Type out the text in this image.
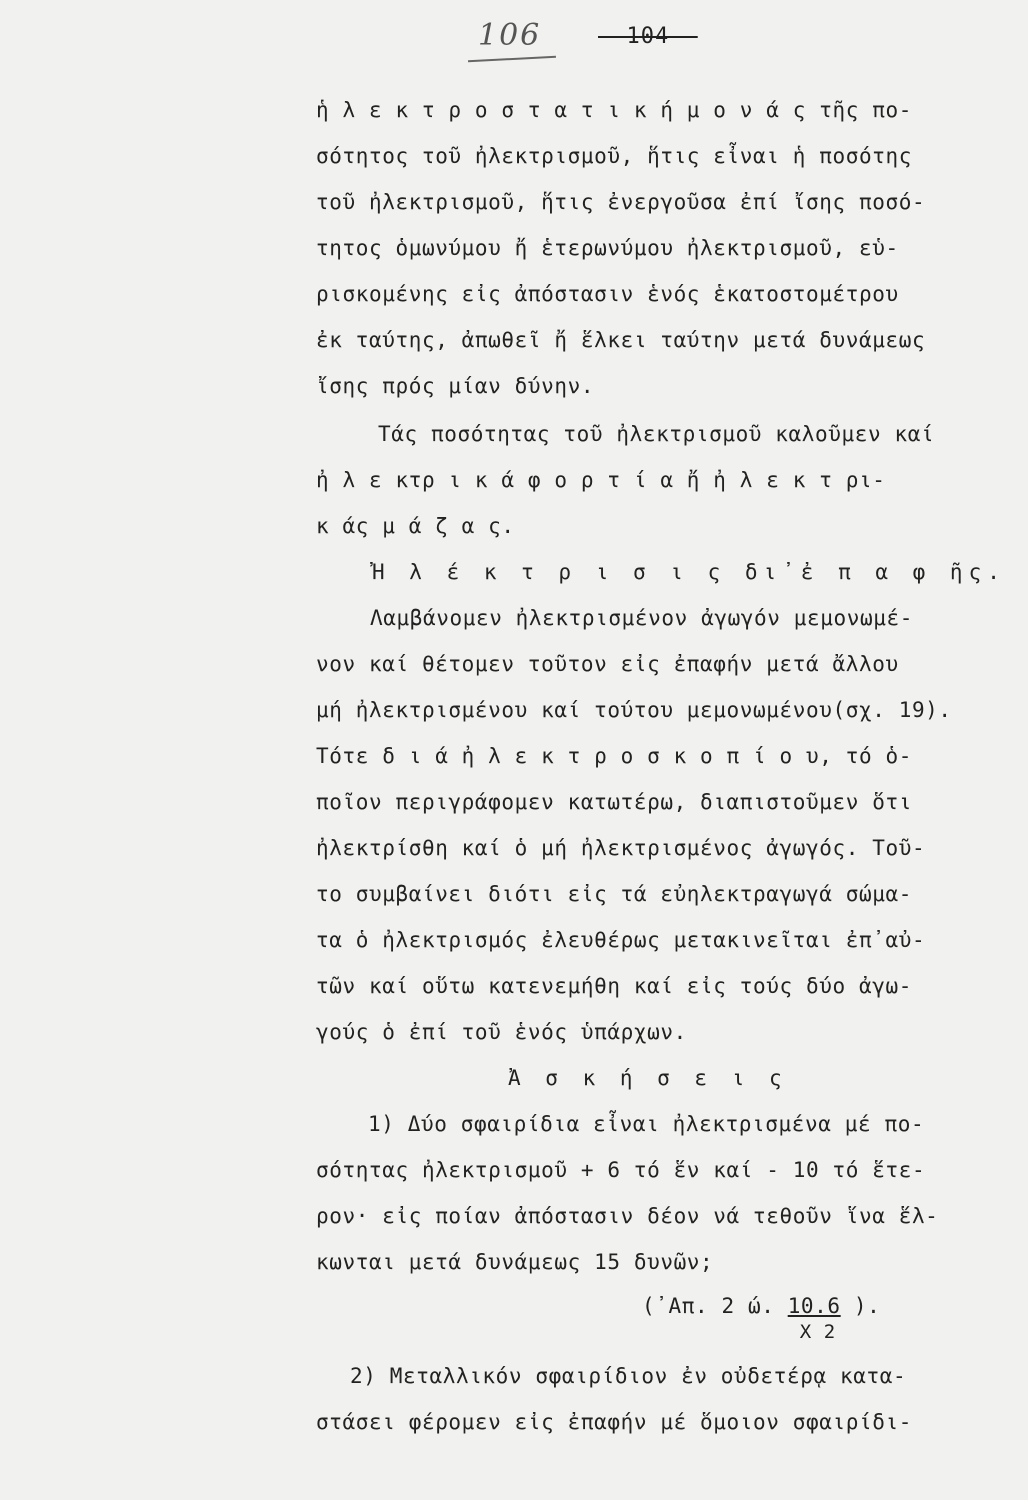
106	- 104 -
ἡ λ ε κ τ ρ ο σ τ α τ ι κ ή μ ο ν ά ς τῆς πο-
σότητος τοῦ ἠλεκτρισμοῦ, ἥτις εἶναι ἡ ποσότης
τοῦ ἠλεκτρισμοῦ, ἥτις ἐνεργοῦσα ἐπί ἴσης ποσό-
τητος ὁμωνύμου ἤ ἑτερωνύμου ἠλεκτρισμοῦ, εὑ-
ρισκομένης εἰς ἀπόστασιν ἑνός ἑκατοστομέτρου
ἐκ ταύτης, ἀπωθεῖ ἤ ἕλκει ταύτην μετά δυνάμεως
ἴσης πρός μίαν δύνην.
Τάς ποσότητας τοῦ ἠλεκτρισμοῦ καλοῦμεν καί
ἠ λ ε κτρ ι κ ά φ ο ρ τ ί α ἤ ἠ λ ε κ τ ρι-
κ άς μ ά ζ α ς.
Ἠ λ έ κ τ ρ ι σ ι ς δι᾿ἐ π α φ ῆς.
Λαμβάνομεν ἠλεκτρισμένον ἀγωγόν μεμονωμέ-
νον καί θέτομεν τοῦτον εἰς ἐπαφήν μετά ἄλλου
μή ἠλεκτρισμένου καί τούτου μεμονωμένου(σχ. 19).
Τότε δ ι ά ἠ λ ε κ τ ρ ο σ κ ο π ί ο υ, τό ὁ-
ποῖον περιγράφομεν κατωτέρω, διαπιστοῦμεν ὅτι
ἠλεκτρίσθη καί ὁ μή ἠλεκτρισμένος ἀγωγός. Τοῦ-
το συμβαίνει διότι εἰς τά εὐηλεκτραγωγά σώμα-
τα ὁ ἠλεκτρισμός ἐλευθέρως μετακινεῖται ἐπ᾿αὐ-
τῶν καί οὕτω κατενεμήθη καί εἰς τούς δύο ἀγω-
γούς ὁ ἐπί τοῦ ἑνός ὑπάρχων.
Ἀ σ κ ή σ ε ι ς
1) Δύο σφαιρίδια εἶναι ἠλεκτρισμένα μέ πο-
σότητας ἠλεκτρισμοῦ + 6 τό ἕν καί - 10 τό ἕτε-
ρον· εἰς ποίαν ἀπόστασιν δέον νά τεθοῦν ἵνα ἕλ-
κωνται μετά δυνάμεως 15 δυνῶν;
(᾿Απ. 2 ώ. $\frac{10.6}{X 2}$ ).
2) Μεταλλικόν σφαιρίδιον ἐν οὐδετέρᾳ κατα-
στάσει φέρομεν εἰς ἐπαφήν μέ ὅμοιον σφαιρίδι-
